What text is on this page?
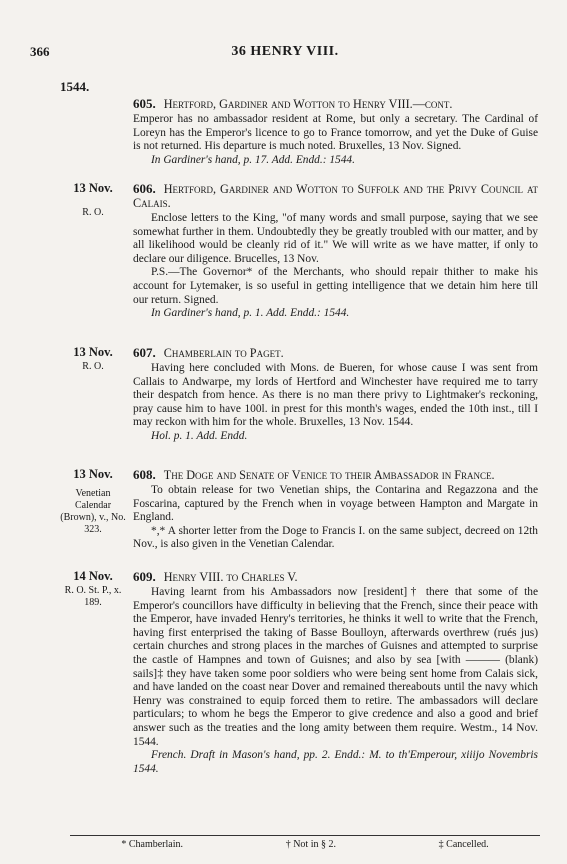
366	36 HENRY VIII.
1544.
605. Hertford, Gardiner and Wotton to Henry VIII.—cont.

Emperor has no ambassador resident at Rome, but only a secretary. The Cardinal of Loreyn has the Emperor's licence to go to France tomorrow, and yet the Duke of Guise is not returned. His departure is much noted. Bruxelles, 13 Nov. Signed.

In Gardiner's hand, p. 17. Add. Endd.: 1544.

13 Nov.
R. O.
606. Hertford, Gardiner and Wotton to Suffolk and the Privy Council at Calais.

Enclose letters to the King, "of many words and small purpose, saying that we see somewhat further in them. Undoubtedly they be greatly troubled with our matter, and by all likelihood would be cleanly rid of it." We will write as we have matter, if only to declare our diligence. Brucelles, 13 Nov.

P.S.—The Governor* of the Merchants, who should repair thither to make his account for Lytemaker, is so useful in getting intelligence that we detain him here till our return. Signed.

In Gardiner's hand, p. 1. Add. Endd.: 1544.

13 Nov.
R. O.
607. Chamberlain to Paget.

Having here concluded with Mons. de Bueren, for whose cause I was sent from Callais to Andwarpe, my lords of Hertford and Winchester have required me to tarry their despatch from hence. As there is no man there privy to Lightmaker's reckoning, pray cause him to have 100l. in prest for this month's wages, ended the 10th inst., till I may reckon with him for the whole. Bruxelles, 13 Nov. 1544.

Hol. p. 1. Add. Endd.

13 Nov.
Venetian Calendar (Brown), v., No. 323.
608. The Doge and Senate of Venice to their Ambassador in France.

To obtain release for two Venetian ships, the Contarina and Regazzona and the Foscarina, captured by the French when in voyage between Hampton and Margate in England.

*,* A shorter letter from the Doge to Francis I. on the same subject, decreed on 12th Nov., is also given in the Venetian Calendar.

14 Nov.
R. O. St. P., x. 189.
609. Henry VIII. to Charles V.

Having learnt from his Ambassadors now [resident]† there that some of the Emperor's councillors have difficulty in believing that the French, since their peace with the Emperor, have invaded Henry's territories, he thinks it well to write that the French, having first enterprised the taking of Basse Boulloyn, afterwards overthrew (rués jus) certain churches and strong places in the marches of Guisnes and attempted to surprise the castle of Hampnes and town of Guisnes; and also by sea [with ——— (blank) sails]‡ they have taken some poor soldiers who were being sent home from Calais sick, and have landed on the coast near Dover and remained thereabouts until the navy which Henry was constrained to equip forced them to retire. The ambassadors will declare particulars; to whom he begs the Emperor to give credence and also a good and brief answer such as the treaties and the long amity between them require. Westm., 14 Nov. 1544.

French. Draft in Mason's hand, pp. 2. Endd.: M. to th'Emperour, xiiijo Novembris 1544.

* Chamberlain.	† Not in § 2.	‡ Cancelled.
